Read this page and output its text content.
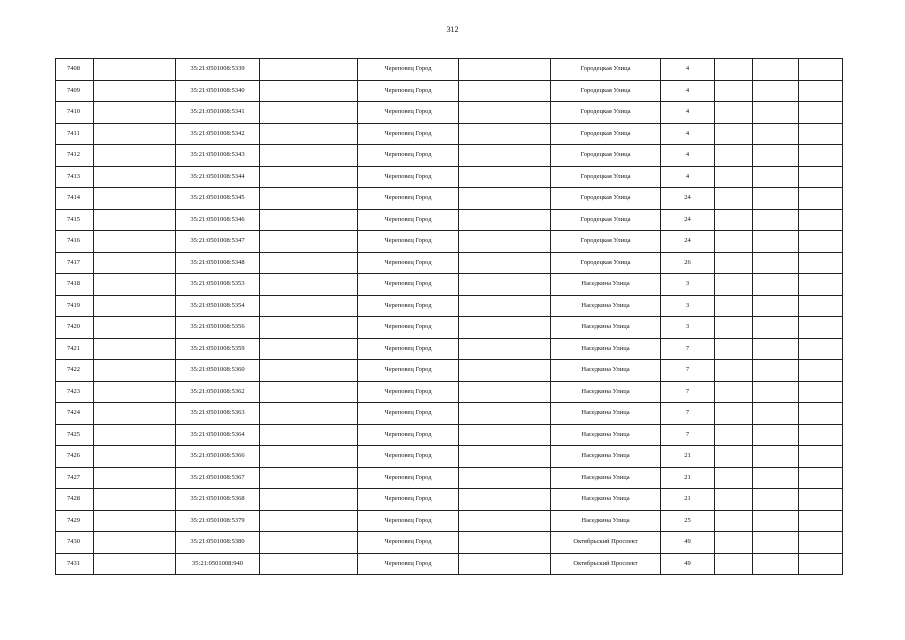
312
7408		35:21:0501008:5339		Череповец Город		Городецкая Улица	4			
7409		35:21:0501008:5340		Череповец Город		Городецкая Улица	4			
7410		35:21:0501008:5341		Череповец Город		Городецкая Улица	4			
7411		35:21:0501008:5342		Череповец Город		Городецкая Улица	4			
7412		35:21:0501008:5343		Череповец Город		Городецкая Улица	4			
7413		35:21:0501008:5344		Череповец Город		Городецкая Улица	4			
7414		35:21:0501008:5345		Череповец Город		Городецкая Улица	24			
7415		35:21:0501008:5346		Череповец Город		Городецкая Улица	24			
7416		35:21:0501008:5347		Череповец Город		Городецкая Улица	24			
7417		35:21:0501008:5348		Череповец Город		Городецкая Улица	26			
7418		35:21:0501008:5353		Череповец Город		Наседкина Улица	3			
7419		35:21:0501008:5354		Череповец Город		Наседкина Улица	3			
7420		35:21:0501008:5356		Череповец Город		Наседкина Улица	3			
7421		35:21:0501008:5359		Череповец Город		Наседкина Улица	7			
7422		35:21:0501008:5360		Череповец Город		Наседкина Улица	7			
7423		35:21:0501008:5362		Череповец Город		Наседкина Улица	7			
7424		35:21:0501008:5363		Череповец Город		Наседкина Улица	7			
7425		35:21:0501008:5364		Череповец Город		Наседкина Улица	7			
7426		35:21:0501008:5366		Череповец Город		Наседкина Улица	21			
7427		35:21:0501008:5367		Череповец Город		Наседкина Улица	21			
7428		35:21:0501008:5368		Череповец Город		Наседкина Улица	21			
7429		35:21:0501008:5379		Череповец Город		Наседкина Улица	25			
7430		35:21:0501008:5380		Череповец Город		Октябрьский Проспект	49			
7431		35:21:0501008:940		Череповец Город		Октябрьский Проспект	49			
